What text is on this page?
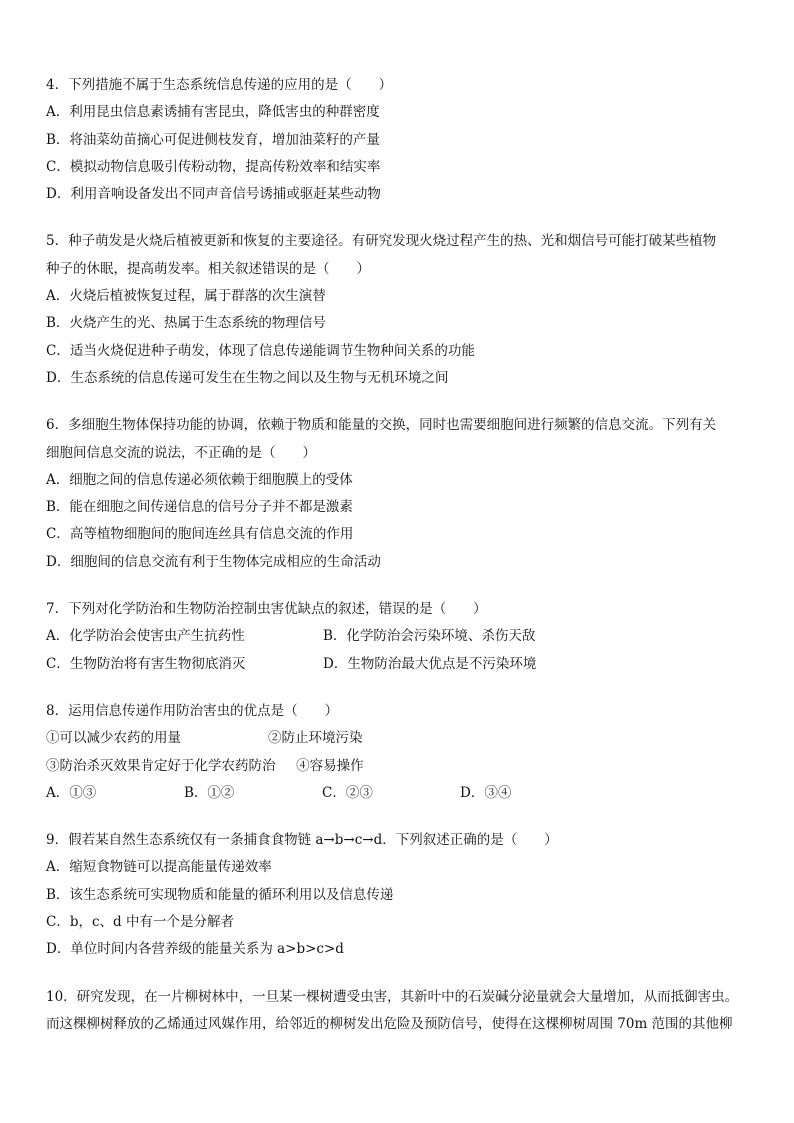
4．下列措施不属于生态系统信息传递的应用的是（　　）
A．利用昆虫信息素诱捕有害昆虫，降低害虫的种群密度
B．将油菜幼苗摘心可促进侧枝发育，增加油菜籽的产量
C．模拟动物信息吸引传粉动物，提高传粉效率和结实率
D．利用音响设备发出不同声音信号诱捕或驱赶某些动物
5．种子萌发是火烧后植被更新和恢复的主要途径。有研究发现火烧过程产生的热、光和烟信号可能打破某些植物
种子的休眠，提高萌发率。相关叙述错误的是（　　）
A．火烧后植被恢复过程，属于群落的次生演替
B．火烧产生的光、热属于生态系统的物理信号
C．适当火烧促进种子萌发，体现了信息传递能调节生物种间关系的功能
D．生态系统的信息传递可发生在生物之间以及生物与无机环境之间
6．多细胞生物体保持功能的协调，依赖于物质和能量的交换，同时也需要细胞间进行频繁的信息交流。下列有关
细胞间信息交流的说法，不正确的是（　　）
A．细胞之间的信息传递必须依赖于细胞膜上的受体
B．能在细胞之间传递信息的信号分子并不都是激素
C．高等植物细胞间的胞间连丝具有信息交流的作用
D．细胞间的信息交流有利于生物体完成相应的生命活动
7．下列对化学防治和生物防治控制虫害优缺点的叙述，错误的是（　　）
A．化学防治会使害虫产生抗药性	B．化学防治会污染环境、杀伤天敌
C．生物防治将有害生物彻底消灭	D．生物防治最大优点是不污染环境
8．运用信息传递作用防治害虫的优点是（　　）
①可以减少农药的用量	②防止环境污染
③防治杀灭效果肯定好于化学农药防治 ④容易操作
A．①③	B．①②	C．②③	D．③④
9．假若某自然生态系统仅有一条捕食食物链 a→b→c→d．下列叙述正确的是（　　）
A．缩短食物链可以提高能量传递效率
B．该生态系统可实现物质和能量的循环利用以及信息传递
C．b，c、d 中有一个是分解者
D．单位时间内各营养级的能量关系为 a>b>c>d
10．研究发现，在一片柳树林中，一旦某一棵树遭受虫害，其新叶中的石炭碱分泌量就会大量增加，从而抵御害虫。
而这棵柳树释放的乙烯通过风媒作用，给邻近的柳树发出危险及预防信号，使得在这棵柳树周围 70m 范围的其他柳
